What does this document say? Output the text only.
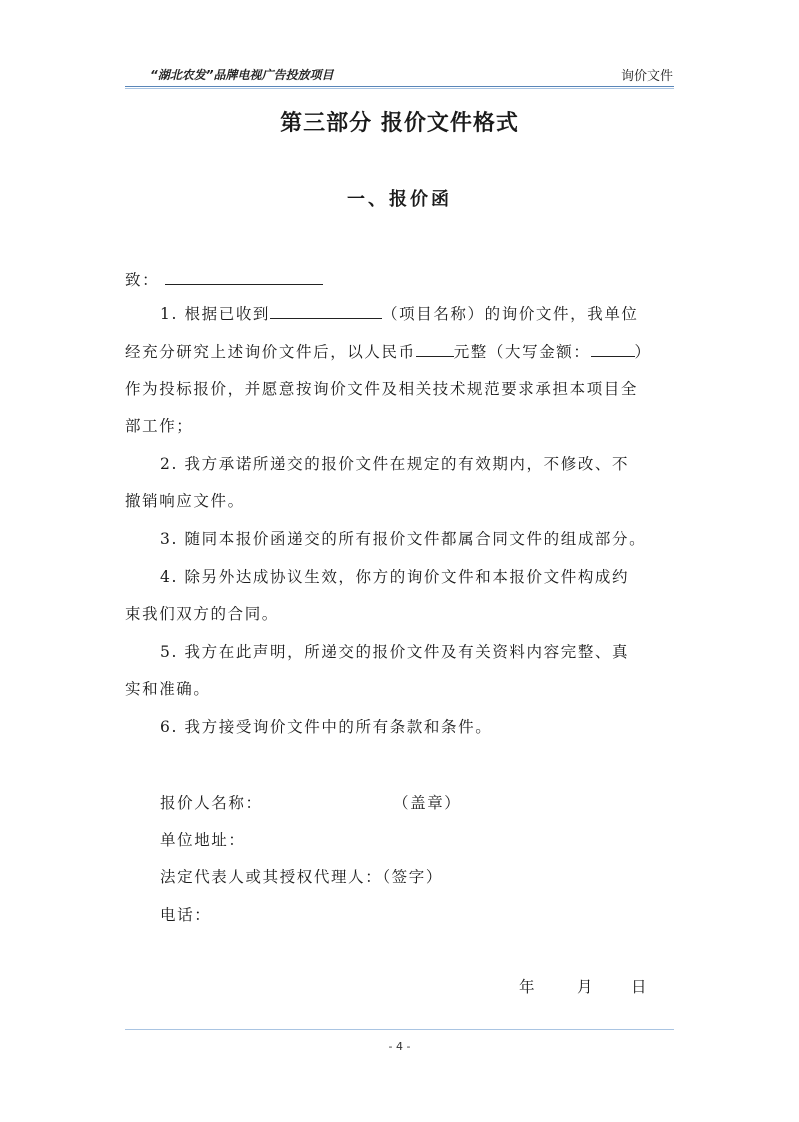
“湖北农发”品牌电视广告投放项目	询价文件
第三部分 报价文件格式
一、报价函
致：
1. 根据已收到	（项目名称）的询价文件，我单位
经充分研究上述询价文件后，以人民币 元整（大写金额：	）
作为投标报价，并愿意按询价文件及相关技术规范要求承担本项目全
部工作；
2. 我方承诺所递交的报价文件在规定的有效期内，不修改、不
撤销响应文件。
3. 随同本报价函递交的所有报价文件都属合同文件的组成部分。
4. 除另外达成协议生效，你方的询价文件和本报价文件构成约
束我们双方的合同。
5. 我方在此声明，所递交的报价文件及有关资料内容完整、真
实和准确。
6. 我方接受询价文件中的所有条款和条件。
报价人名称：	（盖章）
单位地址：
法定代表人或其授权代理人：（签字）
电话：
年	月 日
- 4 -
